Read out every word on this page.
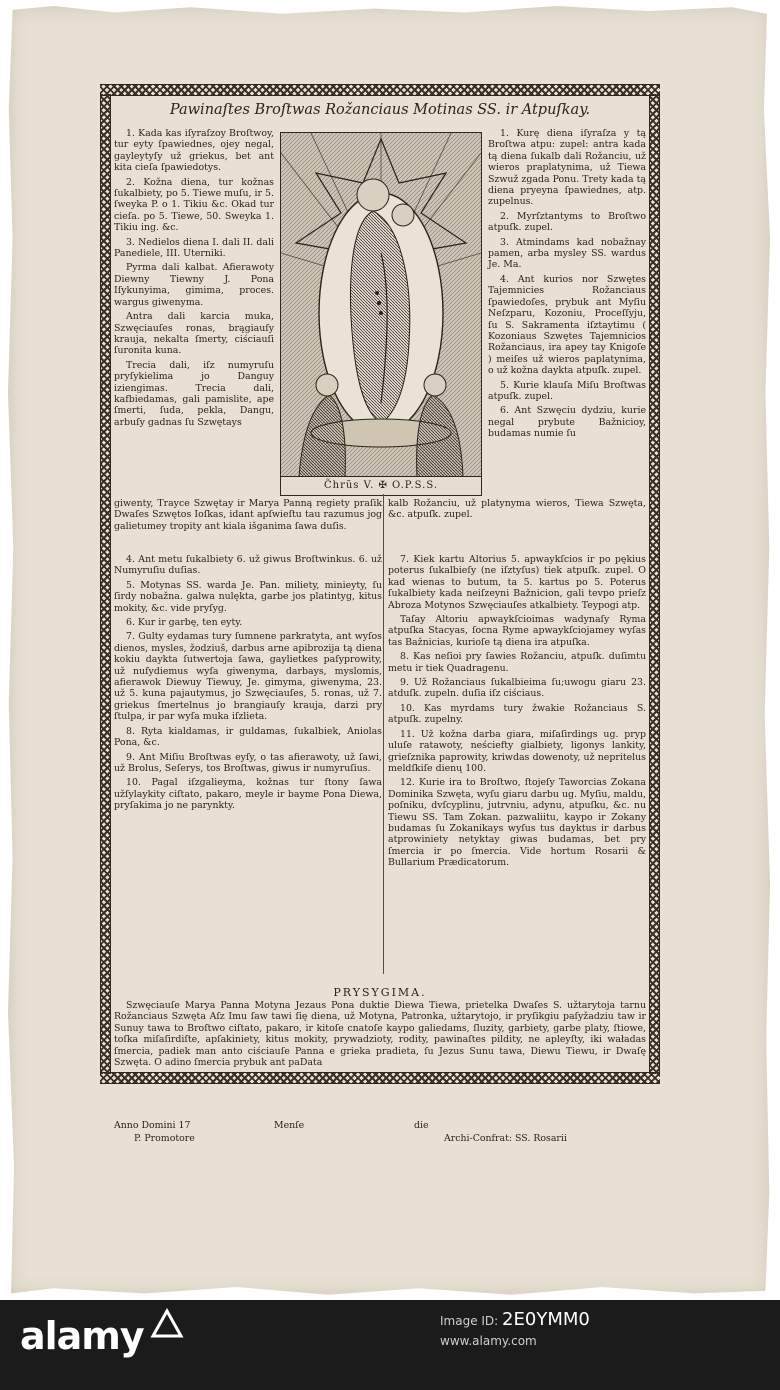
Pawinaſtes Broſtwas Rožanciaus Motinas SS. ir Atpuſkay.

1. Kada kas iſyraſzoy Broſtwoy, tur eyty ſpawiednes, ojey negal, gayleytyſy už griekus, bet ant kita cieſa ſpawiedotys.

2. Kožna diena, tur kožnas ſukalbiety, po 5. Tiewe muſu, ir 5. ſweyka P. o 1. Tikiu &c. Okad tur cieſa. po 5. Tiewe, 50. Sweyka 1. Tikiu ing. &c.

3. Nedielos diena I. dali II. dali Panediele, III. Uterniki.

Pyrma dali kalbat. Afierawoty Diewny Tiewny J. Pona Iſykunyima, gimima, proces. wargus giwenyma.

Antra dali karcia muka, Szwęciauſes ronas, brągiauſy krauja, nekalta ſmerty, ciściauſi ſuronita kuna.

Trecia dali, iſz numyruſu pryſykielima jo Danguy iziengimas. Trecia dali, kafbiedamas, gali pamislite, ape ſmerti, ſuda, pekla, Dangu, arbuſy gadnas ſu Szwętays

C̃hrũs V. ✠ O.P.S.S.

1. Kurę diena iſyraſza y tą Broſtwa atpu: zupel: antra kada tą diena ſukalb dali Rožanciu, už wieros praplatynima, už Tiewa Szwuž zgada Ponu. Trety kada tą diena pryeyna ſpawiednes, atp. zupelnus.

2. Myrſztantyms to Broſtwo atpuſk. zupel.

3. Atmindams kad nobažnay pamen, arba mysley SS. wardus Je. Ma.

4. Ant kurios nor Szwętes Tajemnicies Rožanciaus ſpawiedoſes, prybuk ant Myſiu Neſzparu, Kozoniu, Proceſſyju, ſu S. Sakramenta iſztaytimu ( Kozoniaus Szwętes Tajemnicios Rožanciaus, ira apey tay Knigoſe ) meiſes už wieros paplatynima, o už kožna daykta atpuſk. zupel.

5. Kurie klauſa Miſu Broſtwas atpuſk. zupel.

6. Ant Szwęciu dydziu, kurie negal prybute Bažnicioy, budamas numie ſu

giwenty, Trayce Szwętay ir Marya Panną regiety praſik Dwaſes Szwętos Ioſkas, idant apſwieſtu tau razumus jog galietumey tropity ant kiala išganima ſawa duſis.

kalb Rožanciu, už platynyma wieros, Tiewa Szwęta, &c. atpuſk. zupel.

4. Ant metu ſukalbiety 6. už giwus Broſtwinkus. 6. už Numyruſiu duſias.

5. Motynas SS. warda Je. Pan. miliety, minieyty, ſu ſirdy nobažna. galwa nulękta, garbe jos platintyg, kitus mokity, &c. vide pryſyg.

6. Kur ir garbę, ten eyty.

7. Gulty eydamas tury ſumnene parkratyta, ant wyſos dienos, mysles, žodziuš, darbus arne apibrozija tą diena kokiu daykta ſutwertoja ſawa, gaylietkes paſyprowity, už nuſydiemus wyſa giwenyma, darbays, myslomis, afierawok Diewuy Tiewuy, Je. gimyma, giwenyma, 23. už 5. kuna pajautymus, jo Szwęciauſes, 5. ronas, už 7. griekus ſmertelnus jo brangiauſy krauja, darzi pry ſtulpa, ir par wyſa muka iſzlieta.

8. Ryta kialdamas, ir guldamas, ſukalbiek, Aniolas Pona, &c.

9. Ant Miſiu Broſtwas eyſy, o tas afierawoty, už ſawi, už Brolus, Seſerys, tos Broſtwas, giwus ir numyruſius.

10. Pagal iſzgalieyma, kožnas tur ſtony ſawa užſylaykity ciſtato, pakaro, meyle ir bayme Pona Diewa, pryſakima jo ne parynkty.

7. Kiek kartu Altorius 5. apwaykſcios ir po pękius poterus ſukalbieſy (ne iſztyſus) tiek atpuſk. zupel. O kad wienas to butum, ta 5. kartus po 5. Poterus ſukalbiety kada neiſzeyni Bažnicion, gali tevpo prieſz Abroza Motynos Szwęciauſes atkalbiety. Teypogi atp.

Taſay Altoriu apwaykſcioimas wadynaſy Ryma atpuſka Stacyas, ſocna Ryme apwaykſciojamey wyſas tas Bažnicias, kurioſe tą diena ira atpuſka.

8. Kas neſioi pry ſawies Rožanciu, atpuſk. duſimtu metu ir tiek Quadragenu.

9. Už Rožanciaus ſukalbieima ſu;uwogu giaru 23. atduſk. zupeln. duſia iſz ciściaus.

10. Kas myrdams tury žwakie Rožanciaus S. atpuſk. zupelny.

11. Už kožna darba giara, miſaſirdings ug. pryp uluſe ratawoty, neściefty gialbiety, ligonys lankity, grieſznika paprowity, kriwdas dowenoty, už nepritelus meldſkiſe dienų 100.

12. Kurie ira to Broſtwo, ſtojeſy Taworcias Zokana Dominika Szwęta, wyſu giaru darbu ug. Myſiu, maldu, poſniku, dvſcyplinu, jutrvniu, adynu, atpuſku, &c. nu Tiewu SS. Tam Zokan. pazwaliitu, kaypo ir Zokany budamas ſu Zokanikays wyſus tus dayktus ir darbus atprowiniety netyktay giwas budamas, bet pry ſmercia ir po ſmercia. Vide hortum Rosarii & Bullarium Prædicatorum.

PRYSYGIMA.

Szwęciauſe Marya Panna Motyna Jezaus Pona duktie Diewa Tiewa, prietelka Dwaſes S. užtarytoja tarnu Rožanciaus Szwęta Aſz Imu ſaw tawi ſię diena, už Motyna, Patronka, užtarytojo, ir pryſikgiu paſyžadziu taw ir Sunuy tawa to Broſtwo ciſtato, pakaro, ir kitoſe cnatoſe kaypo galiedams, ſluzity, garbiety, garbe platy, ſtiowe, toſka miſaſirdiſte, apſakiniety, kitus mokity, prywadzioty, rodity, pawinaſtes pildity, ne apleyſty, iki waładas ſmercia, padiek man anto ciściauſe Panna e grieka pradieta, ſu Jezus Sunu tawa, Diewu Tiewu, ir Dwaſę Szwęta. O adino ſmercia prybuk ant paData

Anno Domini 17	Menſe	die
P. Promotore	Archi-Confrat: SS. Rosarii
alamy	Image ID: 2E0YMM0
www.alamy.com
